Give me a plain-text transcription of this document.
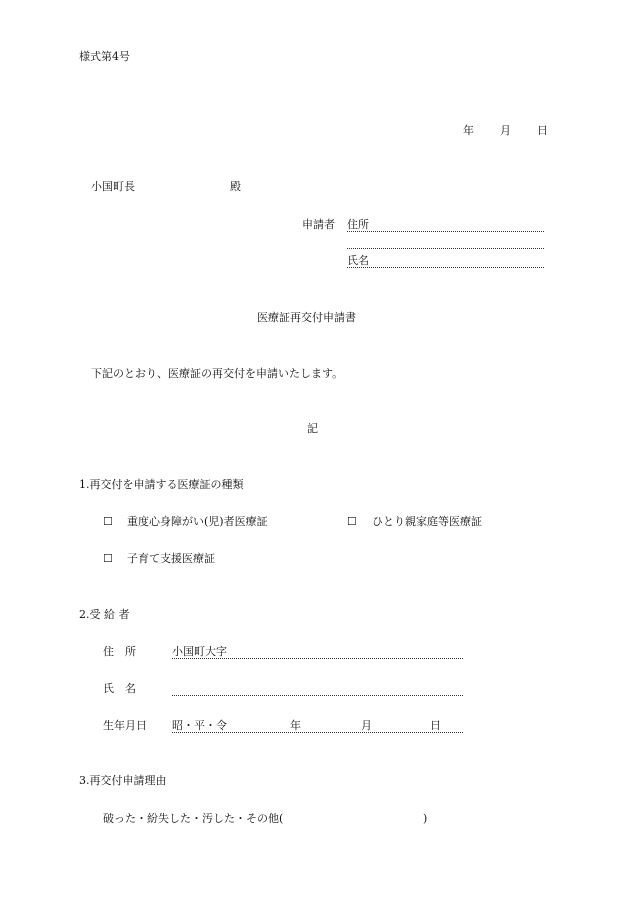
様式第4号
年 月 日
小国町長	殿
申請者 住所
氏名
医療証再交付申請書
下記のとおり、医療証の再交付を申請いたします。
記
1.再交付を申請する医療証の種類
☐ 重度心身障がい(児)者医療証	☐ ひとり親家庭等医療証
☐ 子育て支援医療証
2.受 給 者
住　所	小国町大字
氏　名
生年月日 昭・平・令	年	月	日
3.再交付申請理由
破った・紛失した・汚した・その他(	)
